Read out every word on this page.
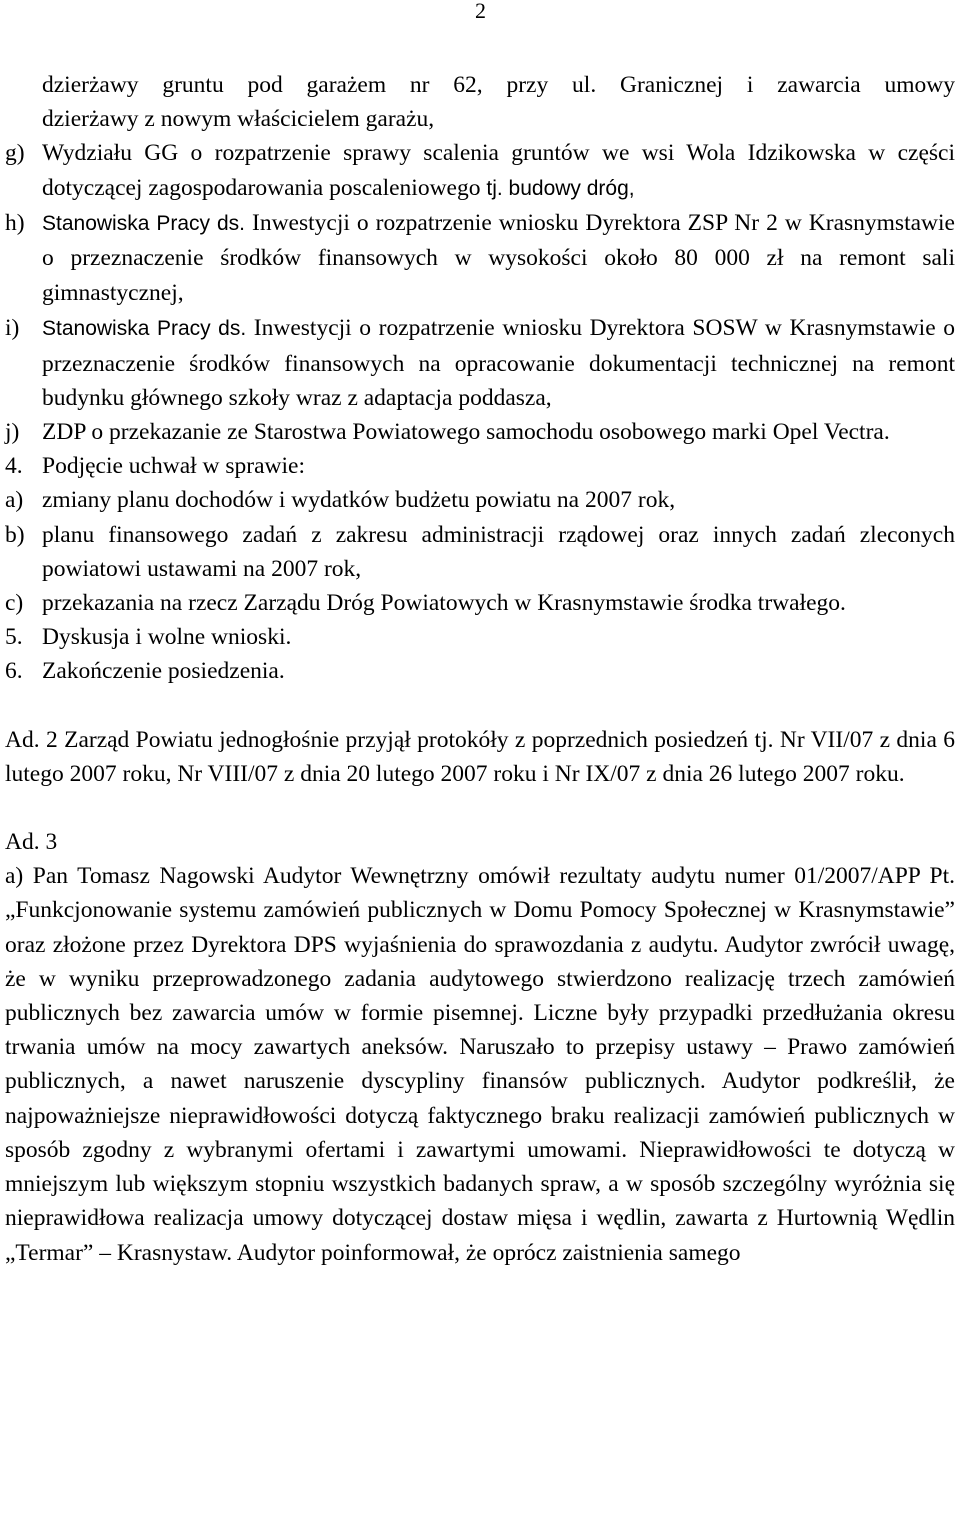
2
dzierżawy gruntu pod garażem nr 62, przy ul. Granicznej i zawarcia umowy
dzierżawy z nowym właścicielem garażu,
g) Wydziału GG o rozpatrzenie sprawy scalenia gruntów we wsi Wola Idzikowska w części dotyczącej zagospodarowania poscaleniowego tj. budowy dróg,
h) Stanowiska Pracy ds. Inwestycji o rozpatrzenie wniosku Dyrektora ZSP Nr 2 w Krasnymstawie o przeznaczenie środków finansowych w wysokości około 80 000 zł na remont sali gimnastycznej,
i)	Stanowiska Pracy ds. Inwestycji o rozpatrzenie wniosku Dyrektora SOSW w Krasnymstawie o przeznaczenie środków finansowych na opracowanie dokumentacji technicznej na remont budynku głównego szkoły wraz z adaptacja poddasza,
j) ZDP o przekazanie ze Starostwa Powiatowego samochodu osobowego marki Opel Vectra.
4. Podjęcie uchwał w sprawie:
a) zmiany planu dochodów i wydatków budżetu powiatu na 2007 rok,
b) planu finansowego zadań z zakresu administracji rządowej oraz innych zadań zleconych powiatowi ustawami na 2007 rok,
c) przekazania na rzecz Zarządu Dróg Powiatowych w Krasnymstawie środka trwałego.
5. Dyskusja i wolne wnioski.
6. Zakończenie posiedzenia.

Ad. 2 Zarząd Powiatu jednogłośnie przyjął protokóły z poprzednich posiedzeń tj. Nr VII/07 z dnia 6 lutego 2007 roku, Nr VIII/07 z dnia 20 lutego 2007 roku i Nr IX/07 z dnia 26 lutego 2007 roku.

Ad. 3

a) Pan Tomasz Nagowski Audytor Wewnętrzny omówił rezultaty audytu numer 01/2007/APP Pt. „Funkcjonowanie systemu zamówień publicznych w Domu Pomocy Społecznej w Krasnymstawie” oraz złożone przez Dyrektora DPS wyjaśnienia do sprawozdania z audytu. Audytor zwrócił uwagę, że w wyniku przeprowadzonego zadania audytowego stwierdzono realizację trzech zamówień publicznych bez zawarcia umów w formie pisemnej. Liczne były przypadki przedłużania okresu trwania umów na mocy zawartych aneksów. Naruszało to przepisy ustawy – Prawo zamówień publicznych, a nawet naruszenie dyscypliny finansów publicznych. Audytor podkreślił, że najpoważniejsze nieprawidłowości dotyczą faktycznego braku realizacji zamówień publicznych w sposób zgodny z wybranymi ofertami i zawartymi umowami. Nieprawidłowości te dotyczą w mniejszym lub większym stopniu wszystkich badanych spraw, a w sposób szczególny wyróżnia się nieprawidłowa realizacja umowy dotyczącej dostaw mięsa i wędlin, zawarta z Hurtownią Wędlin „Termar” – Krasnystaw. Audytor poinformował, że oprócz zaistnienia samego
